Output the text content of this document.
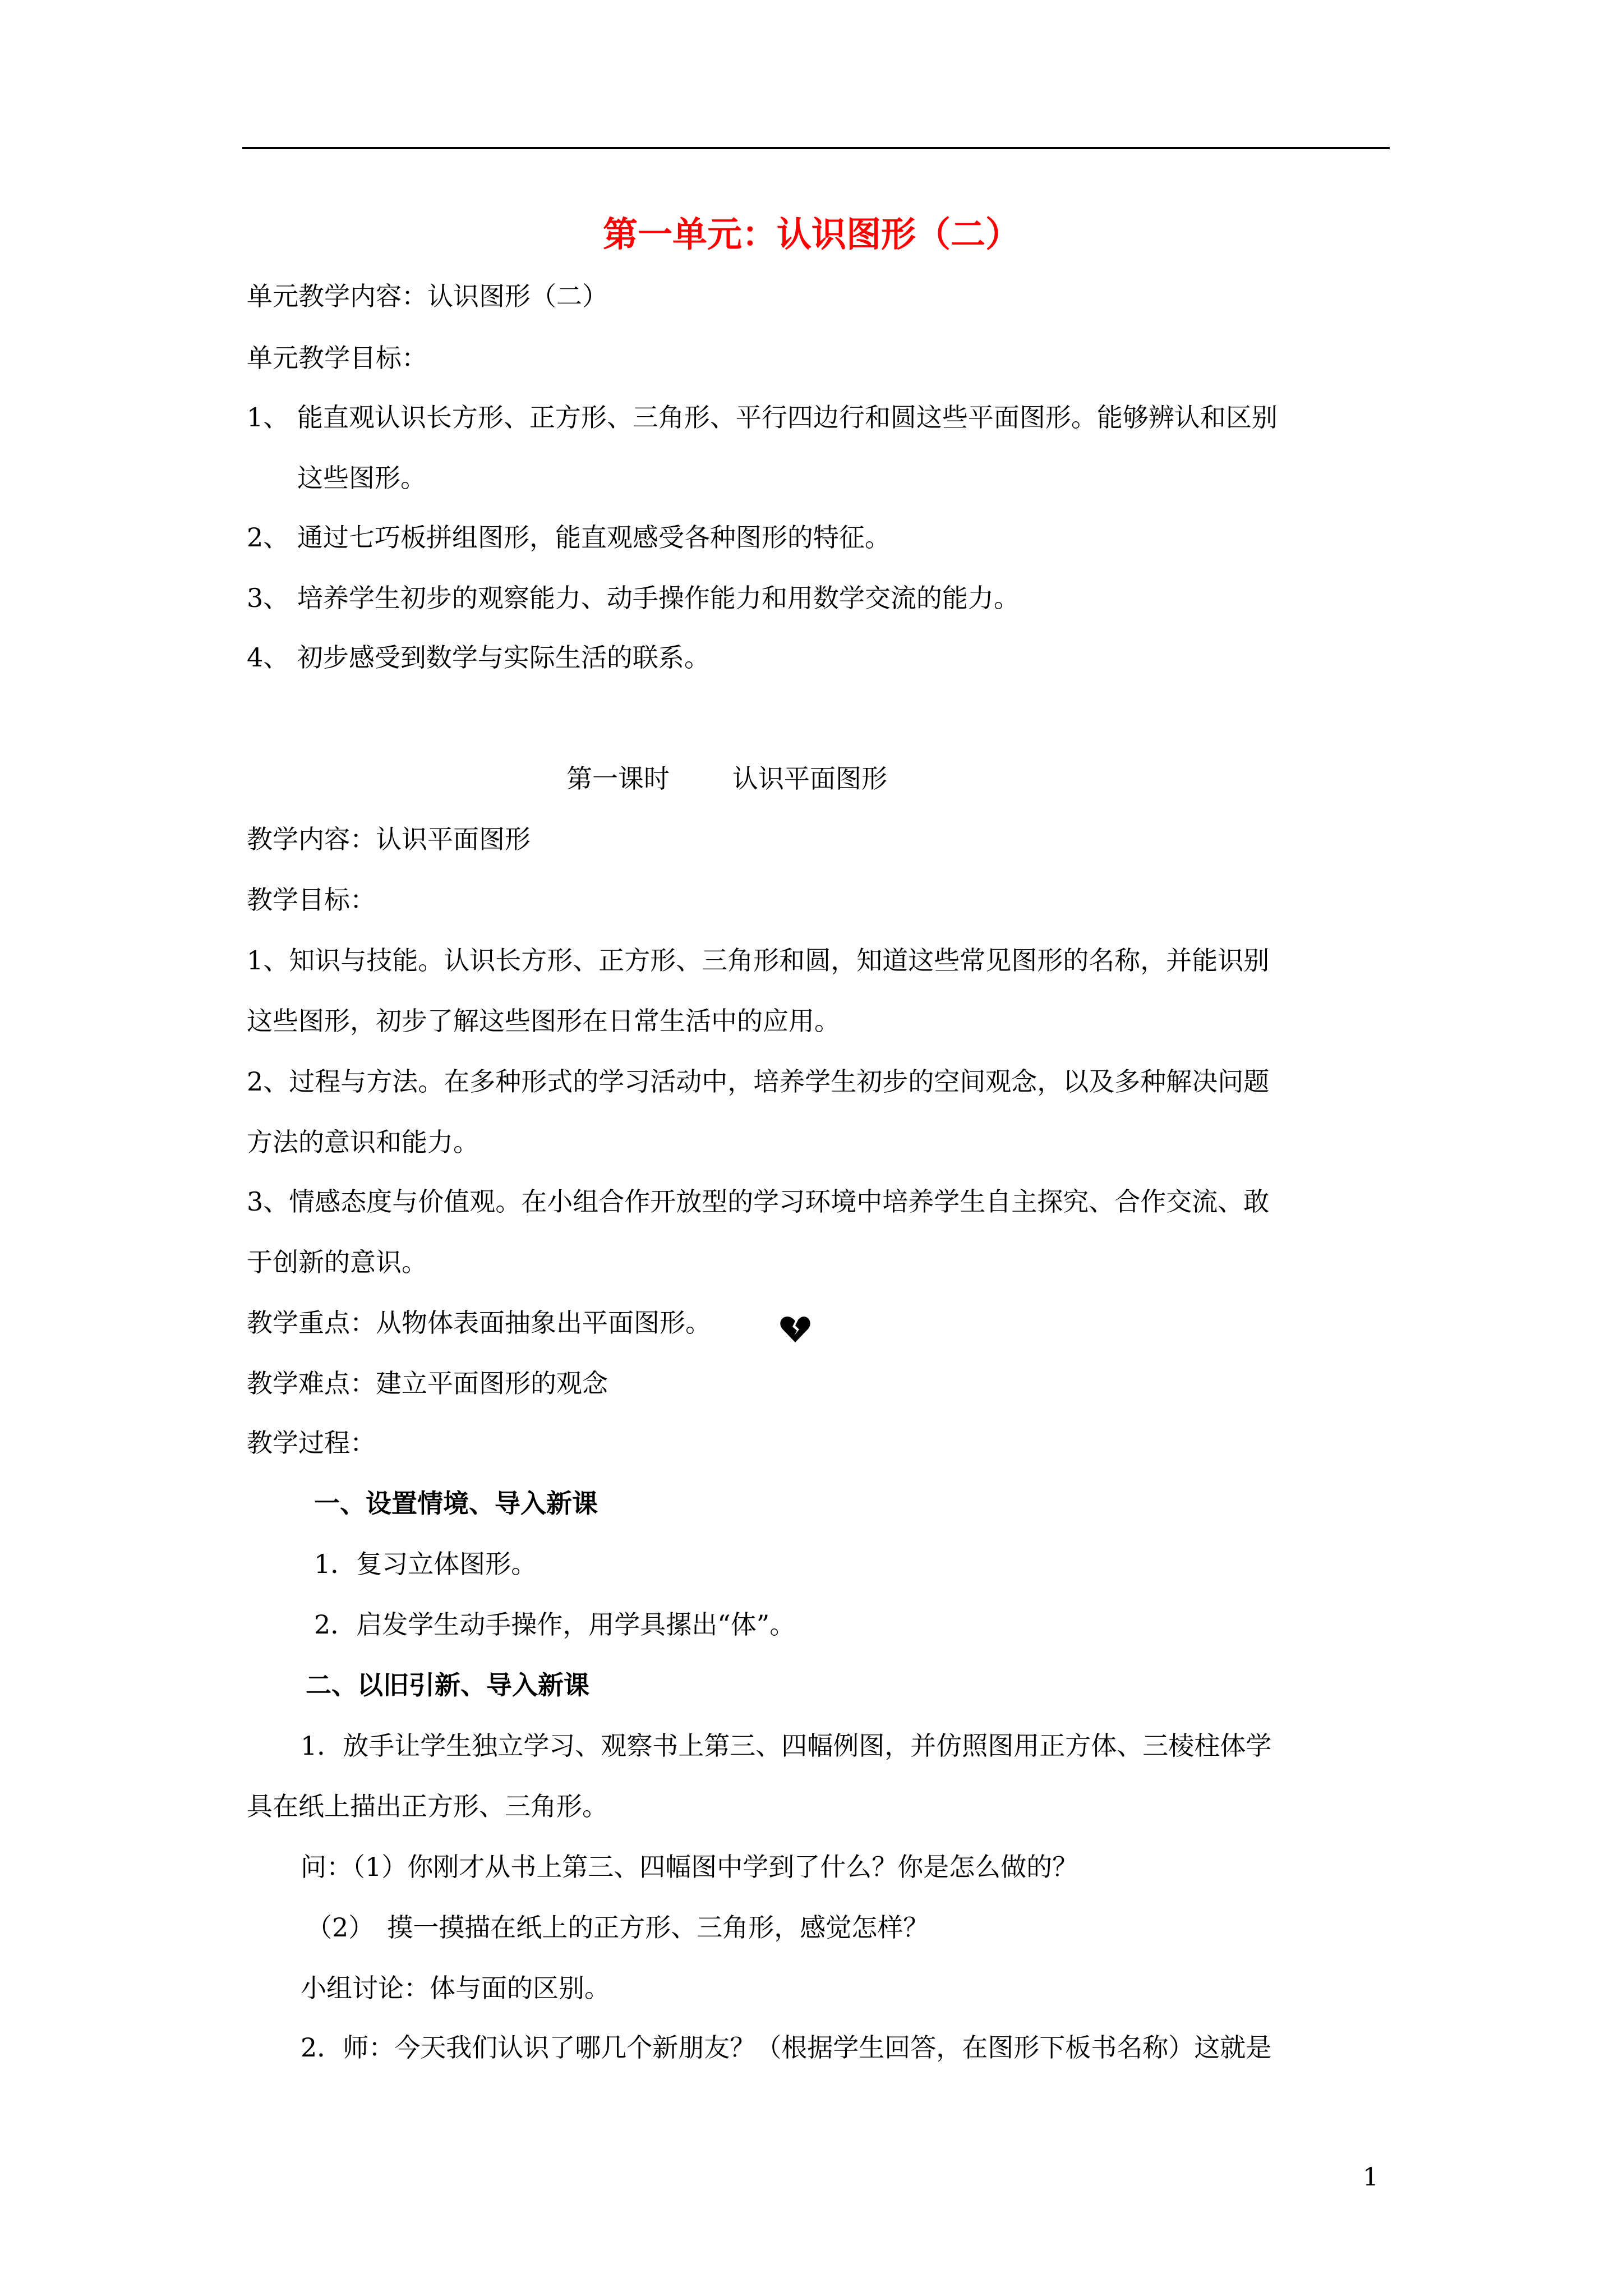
第一单元：认识图形（二）
单元教学内容：认识图形（二）
单元教学目标：
1、 能直观认识长方形、正方形、三角形、平行四边行和圆这些平面图形。能够辨认和区别
这些图形。
2、 通过七巧板拼组图形，能直观感受各种图形的特征。
3、 培养学生初步的观察能力、动手操作能力和用数学交流的能力。
4、 初步感受到数学与实际生活的联系。
第一课时 认识平面图形
教学内容：认识平面图形
教学目标：
1、知识与技能。认识长方形、正方形、三角形和圆，知道这些常见图形的名称，并能识别
这些图形，初步了解这些图形在日常生活中的应用。
2、过程与方法。在多种形式的学习活动中，培养学生初步的空间观念，以及多种解决问题
方法的意识和能力。
3、情感态度与价值观。在小组合作开放型的学习环境中培养学生自主探究、合作交流、敢
于创新的意识。
教学重点：从物体表面抽象出平面图形。
教学难点：建立平面图形的观念
教学过程：
一、设置情境、导入新课
1．复习立体图形。
2．启发学生动手操作，用学具摞出“体”。
二、以旧引新、导入新课
1．放手让学生独立学习、观察书上第三、四幅例图，并仿照图用正方体、三棱柱体学
具在纸上描出正方形、三角形。
问：（1）你刚才从书上第三、四幅图中学到了什么？你是怎么做的？
（2）　摸一摸描在纸上的正方形、三角形，感觉怎样？
小组讨论：体与面的区别。
2．师：今天我们认识了哪几个新朋友？（根据学生回答，在图形下板书名称）这就是
1
